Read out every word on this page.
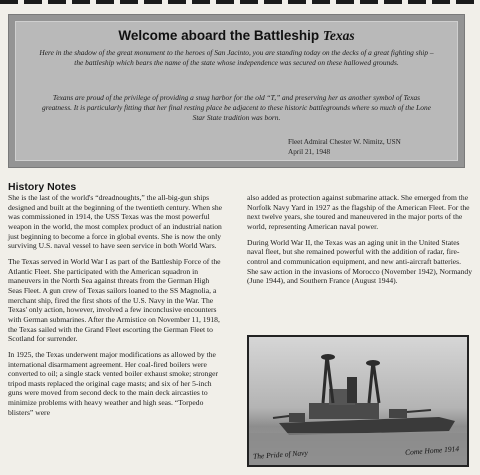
Welcome aboard the Battleship Texas
Here in the shadow of the great monument to the heroes of San Jacinto, you are standing today on the decks of a great fighting ship – the battleship which bears the name of the state whose independence was secured on these hallowed grounds.
Texans are proud of the privilege of providing a snug harbor for the old “T,” and preserving her as another symbol of Texas greatness. It is particularly fitting that her final resting place be adjacent to these historic battlegrounds where so much of the Lone Star State tradition was born.
Fleet Admiral Chester W. Nimitz, USN
April 21, 1948
History Notes

She is the last of the world's “dreadnoughts,” the all-big-gun ships designed and built at the beginning of the twentieth century. When she was commissioned in 1914, the USS Texas was the most powerful weapon in the world, the most complex product of an industrial nation just beginning to become a force in global events. She is now the only surviving U.S. naval vessel to have seen service in both World Wars.

The Texas served in World War I as part of the Battleship Force of the Atlantic Fleet. She participated with the American squadron in maneuvers in the North Sea against threats from the German High Seas Fleet. A gun crew of Texas sailors loaned to the SS Magnolia, a merchant ship, fired the first shots of the U.S. Navy in the War. The Texas' only action, however, involved a few inconclusive encounters with German submarines. After the Armistice on November 11, 1918, the Texas sailed with the Grand Fleet escorting the German Fleet to Scotland for surrender.

In 1925, the Texas underwent major modifications as allowed by the international disarmament agreement. Her coal-fired boilers were converted to oil; a single stack vented boiler exhaust smoke; stronger tripod masts replaced the original cage masts; and six of her 5-inch guns were moved from second deck to the main deck aircasties to minimize problems with heavy weather and high seas. “Torpedo blisters” were

also added as protection against submarine attack. She emerged from the Norfolk Navy Yard in 1927 as the flagship of the American Fleet. For the next twelve years, she toured and maneuvered in the major ports of the world, representing American naval power.

During World War II, the Texas was an aging unit in the United States naval fleet, but she remained powerful with the addition of radar, fire-control and communication equipment, and new anti-aircraft batteries. She saw action in the invasions of Morocco (November 1942), Normandy (June 1944), and Southern France (August 1944).

The Pride of Navy	Come Home 1914
